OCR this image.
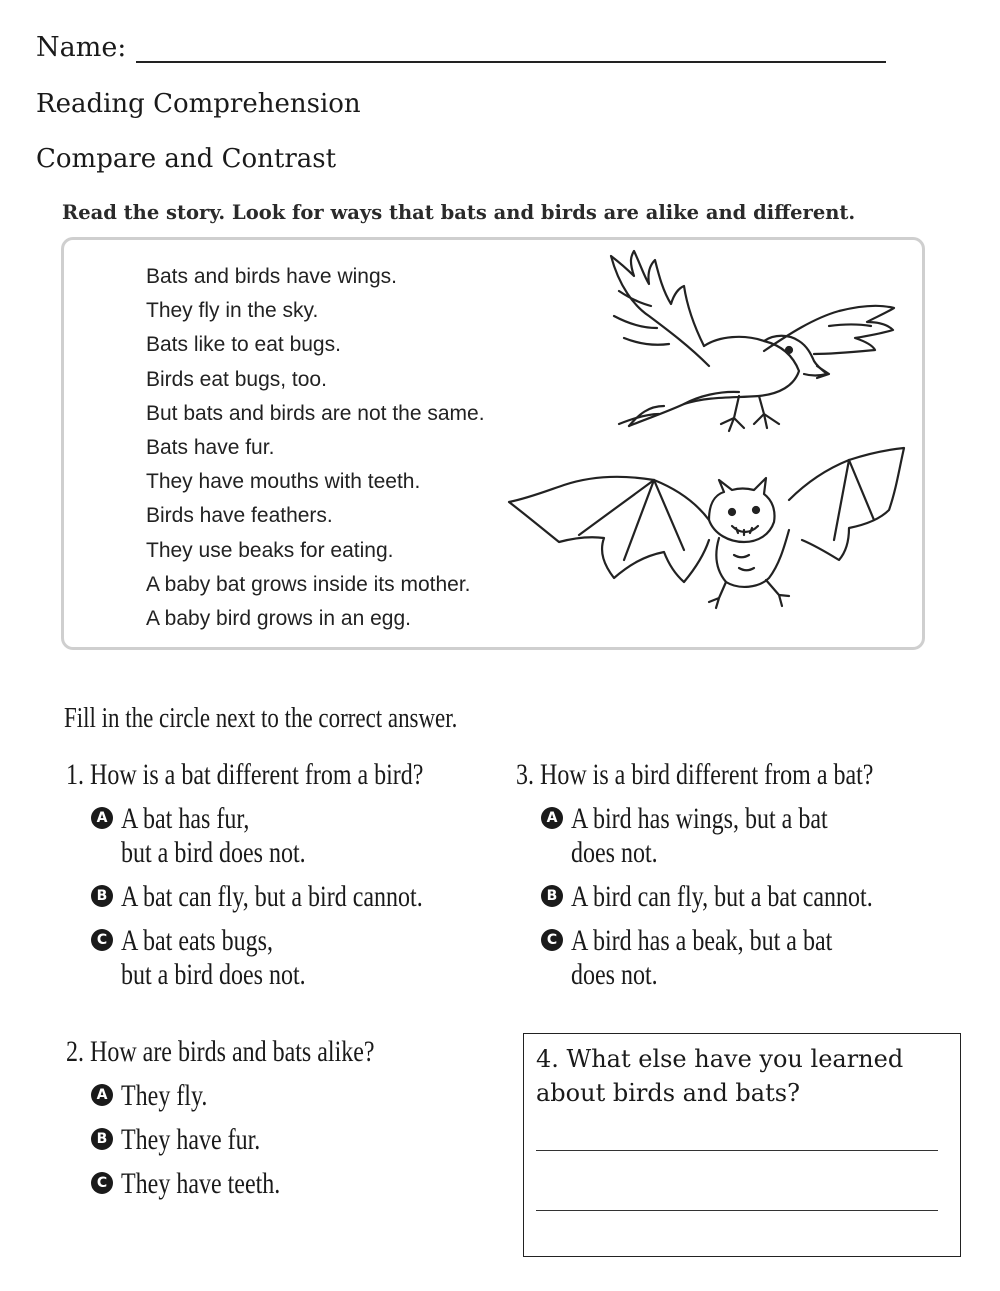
Name:
Reading Comprehension
Compare and Contrast
Read the story. Look for ways that bats and birds are alike and different.
Bats and birds have wings.
They fly in the sky.
Bats like to eat bugs.
Birds eat bugs, too.
But bats and birds are not the same.
Bats have fur.
They have mouths with teeth.
Birds have feathers.
They use beaks for eating.
A baby bat grows inside its mother.
A baby bird grows in an egg.
Fill in the circle next to the correct answer.
1. How is a bat different from a bird?
A A bat has fur,
but a bird does not.
B A bat can fly, but a bird cannot.
C A bat eats bugs,
but a bird does not.
3. How is a bird different from a bat?
A A bird has wings, but a bat
does not.
B A bird can fly, but a bat cannot.
C A bird has a beak, but a bat
does not.
2. How are birds and bats alike?
A They fly.
B They have fur.
C They have teeth.
4. What else have you learned
about birds and bats?
